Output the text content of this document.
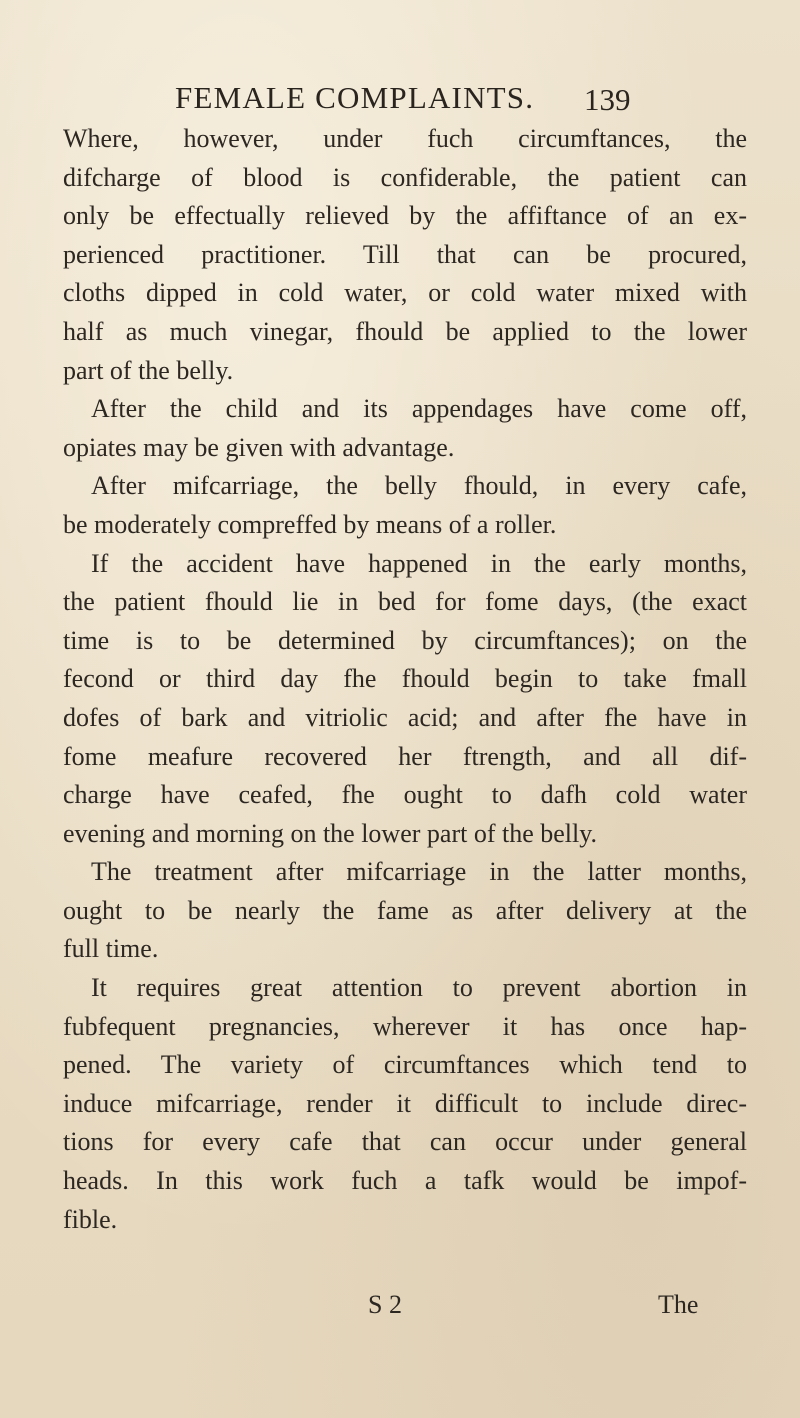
FEMALE COMPLAINTS. 139
Where, however, under fuch circumftances, the
difcharge of blood is confiderable, the patient can
only be effectually relieved by the affiftance of an ex-
perienced practitioner. Till that can be procured,
cloths dipped in cold water, or cold water mixed with
half as much vinegar, fhould be applied to the lower
part of the belly.
After the child and its appendages have come off,
opiates may be given with advantage.
After mifcarriage, the belly fhould, in every cafe,
be moderately compreffed by means of a roller.
If the accident have happened in the early months,
the patient fhould lie in bed for fome days, (the exact
time is to be determined by circumftances); on the
fecond or third day fhe fhould begin to take fmall
dofes of bark and vitriolic acid; and after fhe have in
fome meafure recovered her ftrength, and all dif-
charge have ceafed, fhe ought to dafh cold water
evening and morning on the lower part of the belly.
The treatment after mifcarriage in the latter months,
ought to be nearly the fame as after delivery at the
full time.
It requires great attention to prevent abortion in
fubfequent pregnancies, wherever it has once hap-
pened. The variety of circumftances which tend to
induce mifcarriage, render it difficult to include direc-
tions for every cafe that can occur under general
heads. In this work fuch a tafk would be impof-
fible.
S 2	The
